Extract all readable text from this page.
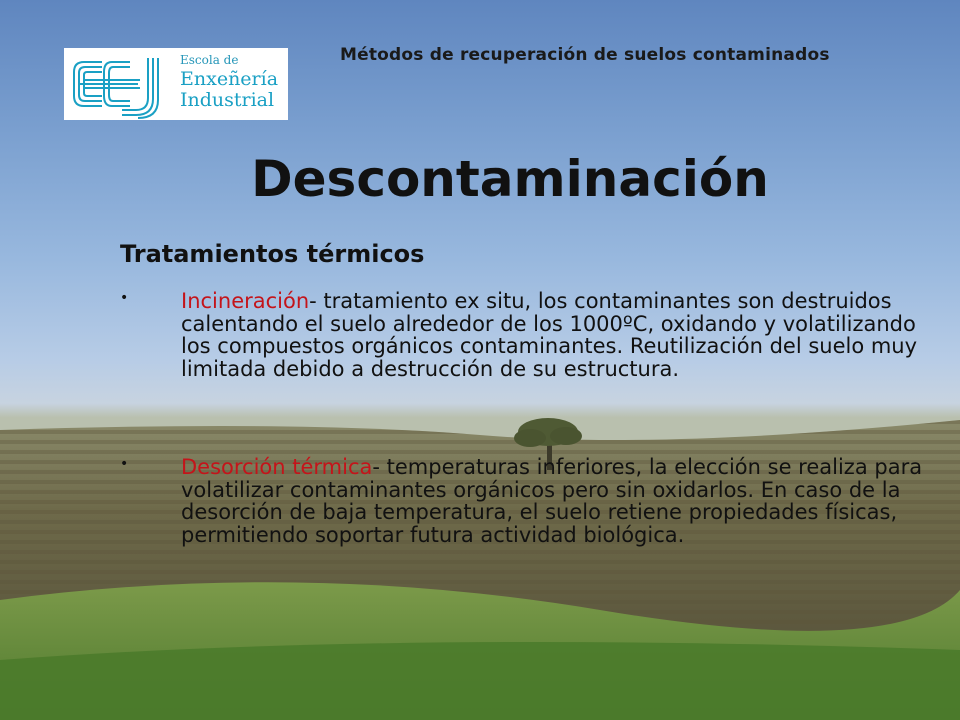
Escola de
Enxeñería
Industrial
Métodos de recuperación de suelos contaminados
Descontaminación
Tratamientos térmicos
•	Incineración- tratamiento ex situ, los contaminantes son destruidos calentando el suelo alrededor de los 1000ºC, oxidando y volatilizando los compuestos orgánicos contaminantes. Reutilización del suelo muy limitada debido a destrucción de su estructura.
•	Desorción térmica- temperaturas inferiores, la elección se realiza para volatilizar contaminantes orgánicos pero sin oxidarlos. En caso de la desorción de baja temperatura, el suelo retiene propiedades físicas, permitiendo soportar futura actividad biológica.
